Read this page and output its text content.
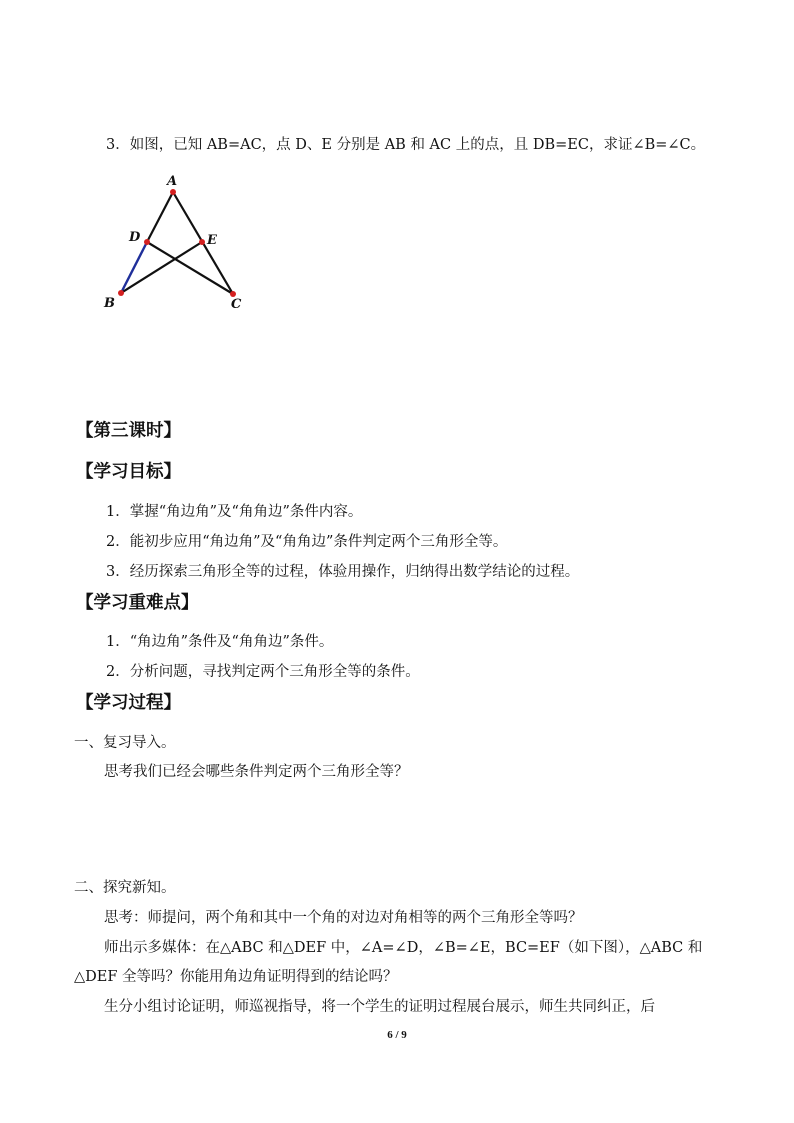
3．如图，已知 AB=AC，点 D、E 分别是 AB 和 AC 上的点，且 DB=EC，求证∠B=∠C。
A
D	E
B	C
【第三课时】
【学习目标】
1．掌握“角边角”及“角角边”条件内容。
2．能初步应用“角边角”及“角角边”条件判定两个三角形全等。
3．经历探索三角形全等的过程，体验用操作，归纳得出数学结论的过程。
【学习重难点】
1．“角边角”条件及“角角边”条件。
2．分析问题，寻找判定两个三角形全等的条件。
【学习过程】
一、复习导入。
思考我们已经会哪些条件判定两个三角形全等？
二、探究新知。
思考：师提问，两个角和其中一个角的对边对角相等的两个三角形全等吗？
师出示多媒体：在△ABC 和△DEF 中，∠A=∠D，∠B=∠E，BC=EF（如下图），△ABC 和
△DEF 全等吗？你能用角边角证明得到的结论吗？
生分小组讨论证明，师巡视指导，将一个学生的证明过程展台展示，师生共同纠正，后
6 / 9
